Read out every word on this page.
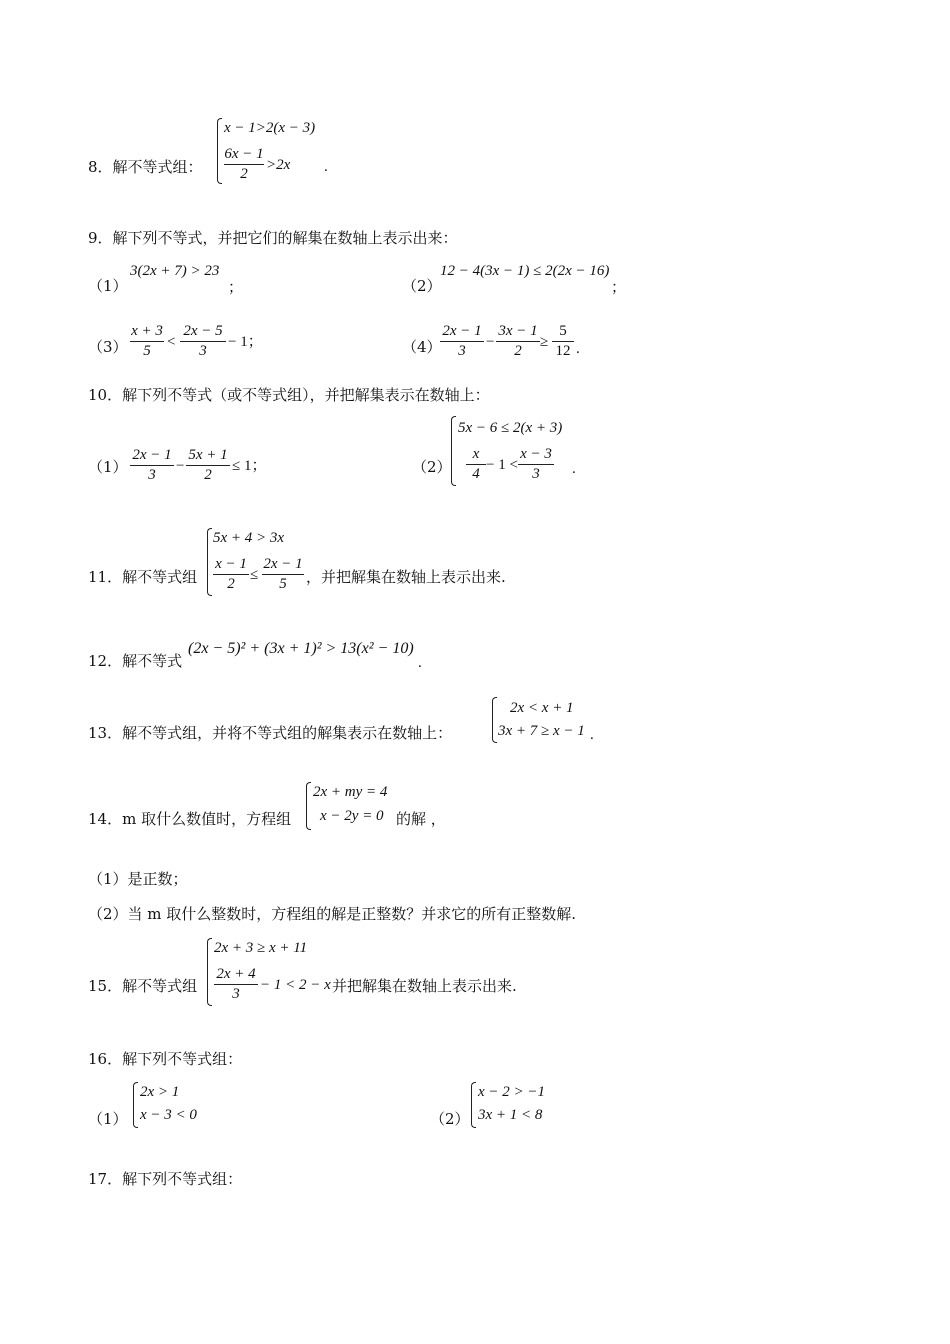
8．解不等式组：
x − 1>2(x − 3)
6x − 1
2
>2x .
9．解下列不等式，并把它们的解集在数轴上表示出来：
（1）
3(2x + 7) > 23
；	（2）
12 − 4(3x − 1) ≤ 2(2x − 16)
；
（3）
x + 3
5
<
2x − 5
3
− 1；	（4）
2x − 1
3
−
3x − 1
2
≥
5
12 .
10．解下列不等式（或不等式组），并把解集表示在数轴上：
（1）
2x − 1
3
−
5x + 1
2
≤ 1；	（2）
5x − 6 ≤ 2(x + 3)
x
4
− 1 <
x − 3
3	.
11．解不等式组
5x + 4 > 3x
x − 1
2
≤
2x − 1
5	，并把解集在数轴上表示出来.
12．解不等式
(2x − 5)² + (3x + 1)² > 13(x² − 10)
.
13．解不等式组，并将不等式组的解集表示在数轴上：
2x < x + 1
3x + 7 ≥ x − 1 .
14．m 取什么数值时，方程组
2x + my = 4
x − 2y = 0 的解 ，
（1）是正数；
（2）当 m 取什么整数时，方程组的解是正整数？并求它的所有正整数解.
15．解不等式组
2x + 3 ≥ x + 11
2x + 4
3
− 1 < 2 − x 并把解集在数轴上表示出来.
16．解下列不等式组：
（1）
2x > 1
x − 3 < 0	（2）
x − 2 > −1
3x + 1 < 8
17．解下列不等式组：
